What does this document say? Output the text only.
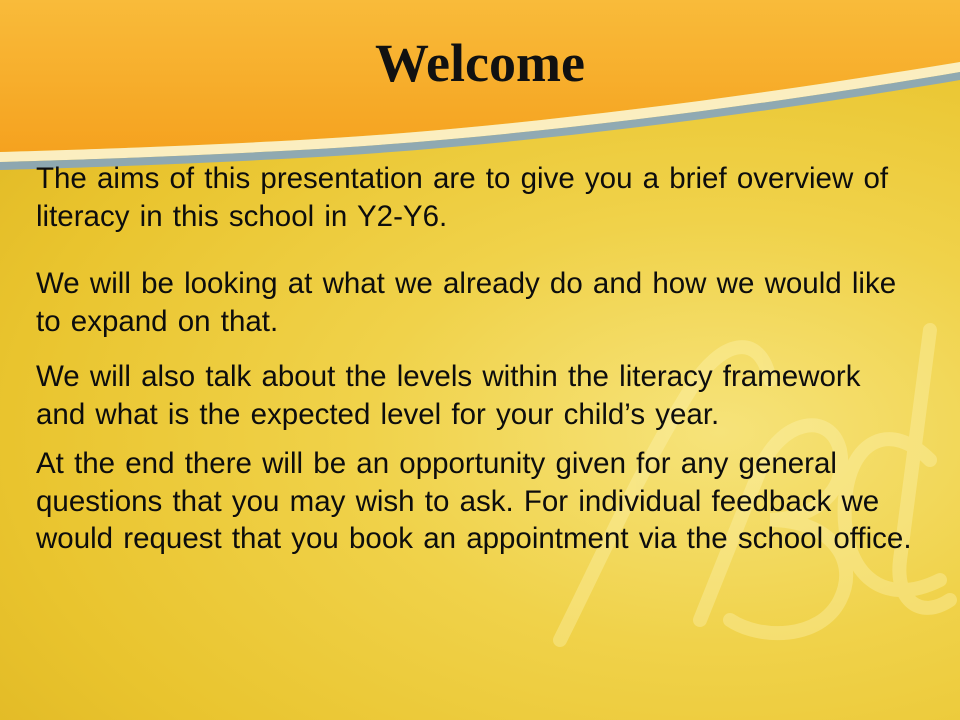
Welcome

The aims of this presentation are to give you a brief overview of literacy in this school in Y2-Y6.

We will be looking at what we already do and how we would like to expand on that.

We will also talk about the levels within the literacy framework and what is the expected level for your child’s year.

At the end there will be an opportunity given for any general questions that you may wish to ask. For individual feedback we would request that you book an appointment via the school office.
